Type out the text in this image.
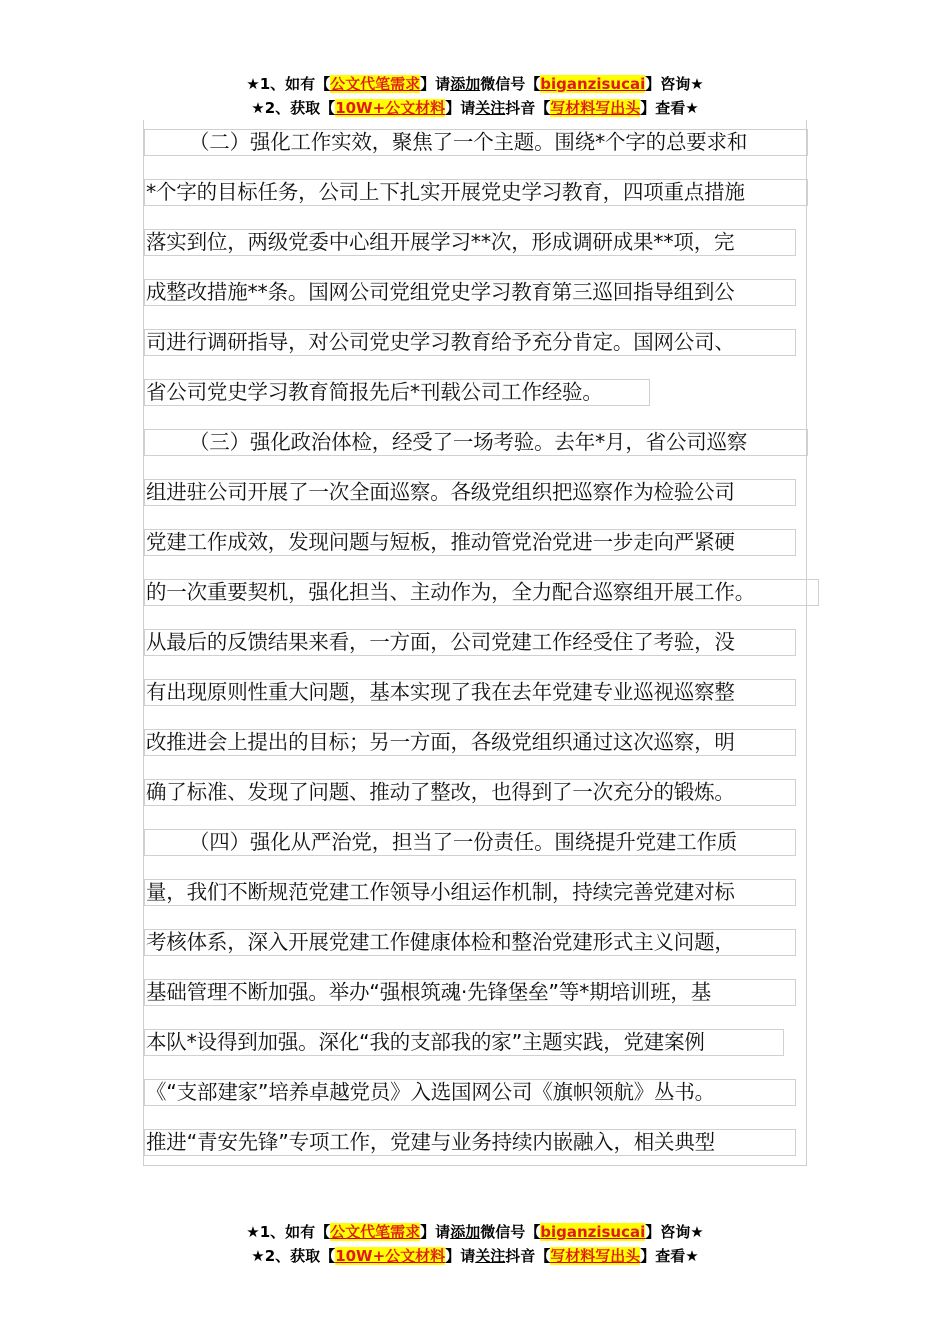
★1、如有【公文代笔需求】请添加微信号【biganzisucai】咨询★
★2、获取【10W+公文材料】请关注抖音【写材料写出头】查看★
（二）强化工作实效，聚焦了一个主题。围绕*个字的总要求和
*个字的目标任务，公司上下扎实开展党史学习教育，四项重点措施
落实到位，两级党委中心组开展学习**次，形成调研成果**项，完
成整改措施**条。国网公司党组党史学习教育第三巡回指导组到公
司进行调研指导，对公司党史学习教育给予充分肯定。国网公司、
省公司党史学习教育简报先后*刊载公司工作经验。
（三）强化政治体检，经受了一场考验。去年*月，省公司巡察
组进驻公司开展了一次全面巡察。各级党组织把巡察作为检验公司
党建工作成效，发现问题与短板，推动管党治党进一步走向严紧硬
的一次重要契机，强化担当、主动作为，全力配合巡察组开展工作。
从最后的反馈结果来看，一方面，公司党建工作经受住了考验，没
有出现原则性重大问题，基本实现了我在去年党建专业巡视巡察整
改推进会上提出的目标；另一方面，各级党组织通过这次巡察，明
确了标准、发现了问题、推动了整改，也得到了一次充分的锻炼。
（四）强化从严治党，担当了一份责任。围绕提升党建工作质
量，我们不断规范党建工作领导小组运作机制，持续完善党建对标
考核体系，深入开展党建工作健康体检和整治党建形式主义问题，
基础管理不断加强。举办“强根筑魂·先锋堡垒”等*期培训班，基
本队*设得到加强。深化“我的支部我的家”主题实践，党建案例
《“支部建家”培养卓越党员》入选国网公司《旗帜领航》丛书。
推进“青安先锋”专项工作，党建与业务持续内嵌融入，相关典型
★1、如有【公文代笔需求】请添加微信号【biganzisucai】咨询★
★2、获取【10W+公文材料】请关注抖音【写材料写出头】查看★
